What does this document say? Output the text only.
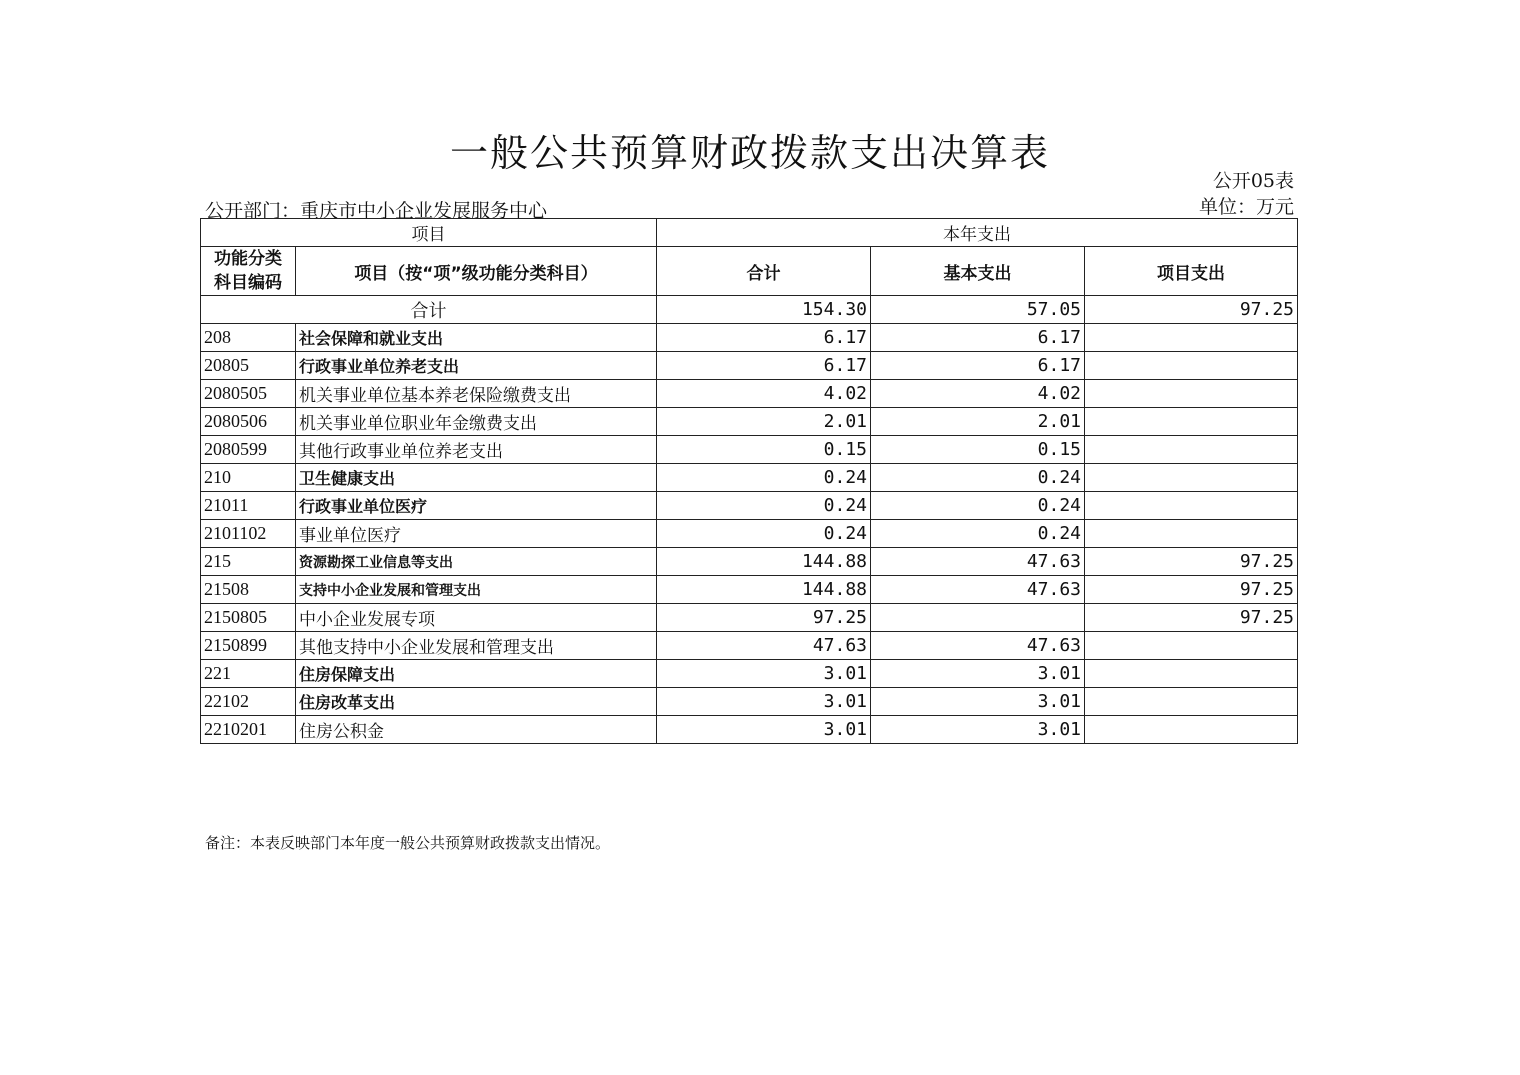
一般公共预算财政拨款支出决算表
公开05表
单位：万元
公开部门：重庆市中小企业发展服务中心
项目		本年支出		
功能分类科目编码	项目（按“项”级功能分类科目）	合计	基本支出	项目支出
合计		154.30	57.05	97.25
208	社会保障和就业支出	6.17	6.17	
20805	行政事业单位养老支出	6.17	6.17	
2080505	机关事业单位基本养老保险缴费支出	4.02	4.02	
2080506	机关事业单位职业年金缴费支出	2.01	2.01	
2080599	其他行政事业单位养老支出	0.15	0.15	
210	卫生健康支出	0.24	0.24	
21011	行政事业单位医疗	0.24	0.24	
2101102	事业单位医疗	0.24	0.24	
215	资源勘探工业信息等支出	144.88	47.63	97.25
21508	支持中小企业发展和管理支出	144.88	47.63	97.25
2150805	中小企业发展专项	97.25		97.25
2150899	其他支持中小企业发展和管理支出	47.63	47.63	
221	住房保障支出	3.01	3.01	
22102	住房改革支出	3.01	3.01	
2210201	住房公积金	3.01	3.01	
备注：本表反映部门本年度一般公共预算财政拨款支出情况。
